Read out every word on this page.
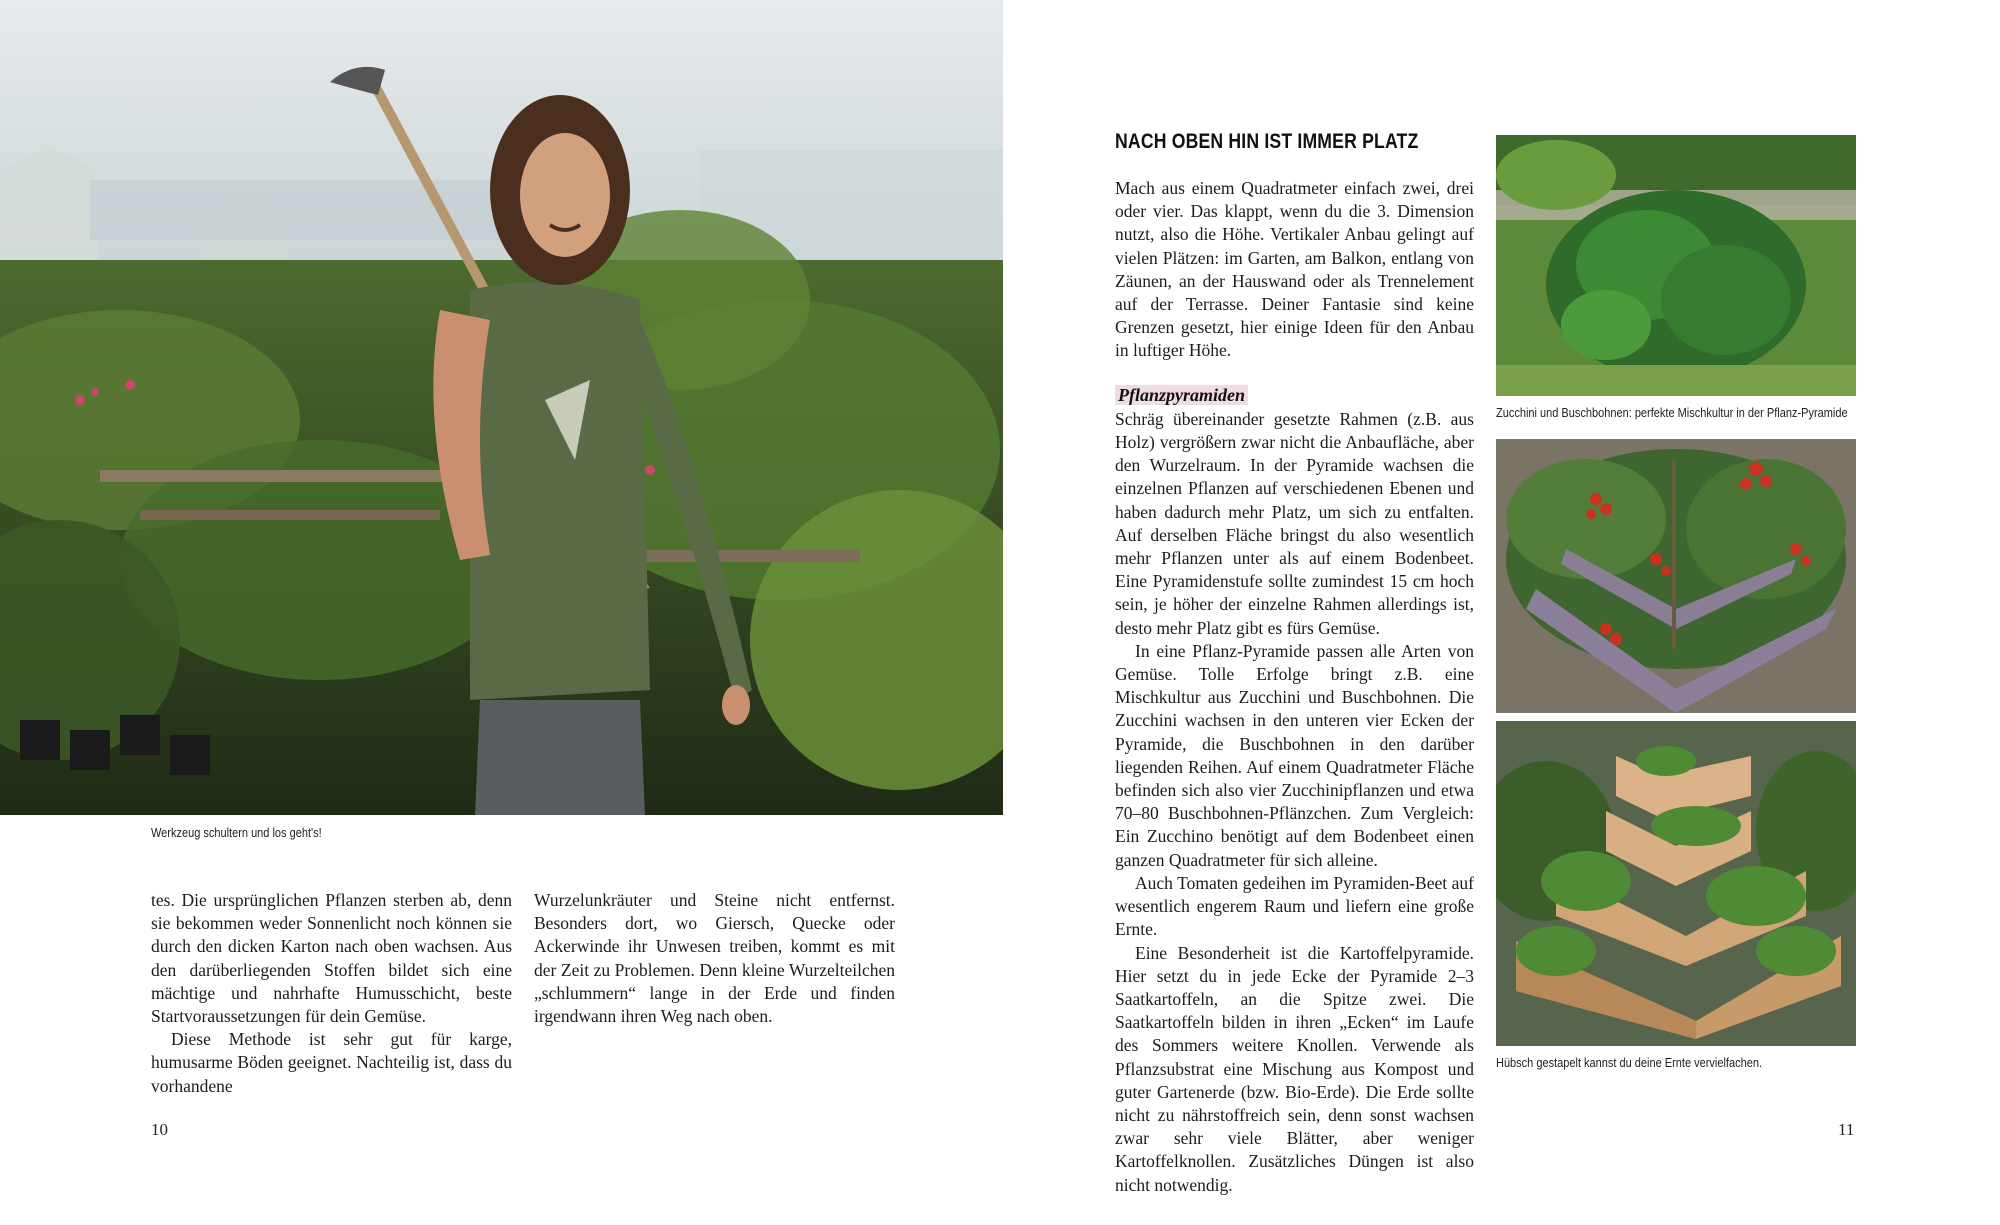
Werkzeug schultern und los geht's!

tes. Die ursprünglichen Pflanzen sterben ab, denn sie bekommen weder Sonnenlicht noch können sie durch den dicken Karton nach oben wachsen. Aus den darüberliegenden Stoffen bildet sich eine mächtige und nahrhafte Humusschicht, beste Startvoraussetzungen für dein Gemüse.

Diese Methode ist sehr gut für karge, humusarme Böden geeignet. Nachteilig ist, dass du vorhandene

Wurzelunkräuter und Steine nicht entfernst. Besonders dort, wo Giersch, Quecke oder Ackerwinde ihr Unwesen treiben, kommt es mit der Zeit zu Problemen. Denn kleine Wurzelteilchen „schlummern“ lange in der Erde und finden irgendwann ihren Weg nach oben.

10
NACH OBEN HIN IST IMMER PLATZ

Mach aus einem Quadratmeter einfach zwei, drei oder vier. Das klappt, wenn du die 3. Dimension nutzt, also die Höhe. Vertikaler Anbau gelingt auf vielen Plätzen: im Garten, am Balkon, entlang von Zäunen, an der Hauswand oder als Trennelement auf der Terrasse. Deiner Fantasie sind keine Grenzen gesetzt, hier einige Ideen für den Anbau in luftiger Höhe.

Pflanzpyramiden

Schräg übereinander gesetzte Rahmen (z.B. aus Holz) vergrößern zwar nicht die Anbaufläche, aber den Wurzelraum. In der Pyramide wachsen die einzelnen Pflanzen auf verschiedenen Ebenen und haben dadurch mehr Platz, um sich zu entfalten. Auf derselben Fläche bringst du also wesentlich mehr Pflanzen unter als auf einem Bodenbeet. Eine Pyramidenstufe sollte zumindest 15 cm hoch sein, je höher der einzelne Rahmen allerdings ist, desto mehr Platz gibt es fürs Gemüse.

In eine Pflanz-Pyramide passen alle Arten von Gemüse. Tolle Erfolge bringt z.B. eine Mischkultur aus Zucchini und Buschbohnen. Die Zucchini wachsen in den unteren vier Ecken der Pyramide, die Buschbohnen in den darüber liegenden Reihen. Auf einem Quadratmeter Fläche befinden sich also vier Zucchinipflanzen und etwa 70–80 Buschbohnen-Pflänzchen. Zum Vergleich: Ein Zucchino benötigt auf dem Bodenbeet einen ganzen Quadratmeter für sich alleine.

Auch Tomaten gedeihen im Pyramiden-Beet auf wesentlich engerem Raum und liefern eine große Ernte.

Eine Besonderheit ist die Kartoffelpyramide. Hier setzt du in jede Ecke der Pyramide 2–3 Saatkartoffeln, an die Spitze zwei. Die Saatkartoffeln bilden in ihren „Ecken“ im Laufe des Sommers weitere Knollen. Verwende als Pflanzsubstrat eine Mischung aus Kompost und guter Gartenerde (bzw. Bio-Erde). Die Erde sollte nicht zu nährstoffreich sein, denn sonst wachsen zwar sehr viele Blätter, aber weniger Kartoffelknollen. Zusätzliches Düngen ist also nicht notwendig.

Zucchini und Buschbohnen: perfekte Mischkultur in der Pflanz-Pyramide
Hübsch gestapelt kannst du deine Ernte vervielfachen.
11
